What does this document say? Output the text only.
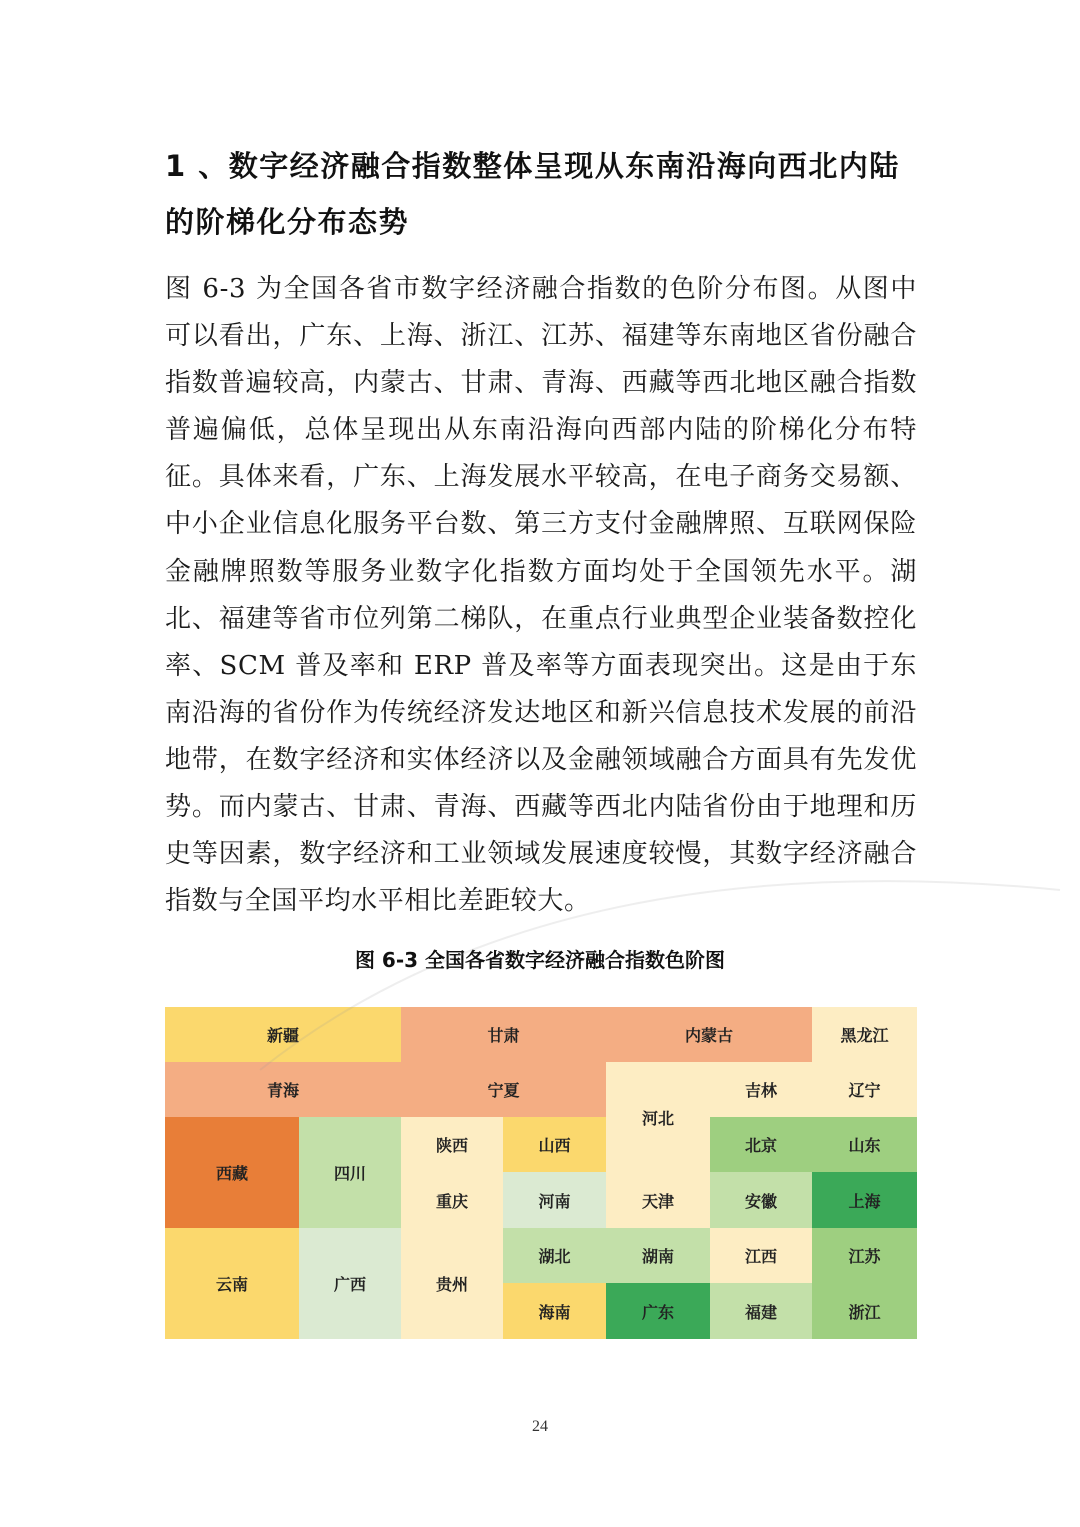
1 、数字经济融合指数整体呈现从东南沿海向西北内陆
的阶梯化分布态势

图 6-3 为全国各省市数字经济融合指数的色阶分布图。从图中可以看出，广东、上海、浙江、江苏、福建等东南地区省份融合指数普遍较高，内蒙古、甘肃、青海、西藏等西北地区融合指数普遍偏低，总体呈现出从东南沿海向西部内陆的阶梯化分布特征。具体来看，广东、上海发展水平较高，在电子商务交易额、中小企业信息化服务平台数、第三方支付金融牌照、互联网保险金融牌照数等服务业数字化指数方面均处于全国领先水平。湖北、福建等省市位列第二梯队，在重点行业典型企业装备数控化率、SCM 普及率和 ERP 普及率等方面表现突出。这是由于东南沿海的省份作为传统经济发达地区和新兴信息技术发展的前沿地带，在数字经济和实体经济以及金融领域融合方面具有先发优势。而内蒙古、甘肃、青海、西藏等西北内陆省份由于地理和历史等因素，数字经济和工业领域发展速度较慢，其数字经济融合指数与全国平均水平相比差距较大。

图 6-3 全国各省数字经济融合指数色阶图
新疆	甘肃	内蒙古	黑龙江
青海	宁夏
河北
吉林	辽宁
西藏	四川
陕西	山西	北京	山东
重庆	河南	天津	安徽	上海
云南	广西	贵州
湖北	湖南	江西	江苏
海南	广东	福建	浙江
24
